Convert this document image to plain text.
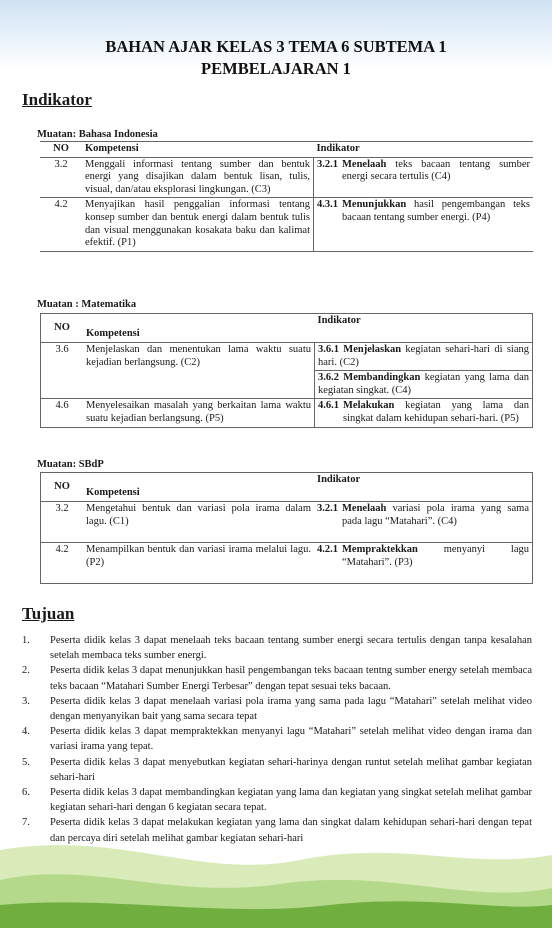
BAHAN AJAR KELAS 3 TEMA 6 SUBTEMA 1
PEMBELAJARAN 1
Indikator
Muatan: Bahasa Indonesia
NO	Kompetensi	Indikator
3.2	Menggali informasi tentang sumber dan bentuk energi yang disajikan dalam bentuk lisan, tulis, visual, dan/atau eksplorasi lingkungan. (C3)	3.2.1 Menelaah teks bacaan tentang sumber energi secara tertulis (C4)

4.2	Menyajikan hasil penggalian informasi tentang konsep sumber dan bentuk energi dalam bentuk tulis dan visual menggunakan kosakata baku dan kalimat efektif. (P1)	4.3.1 Menunjukkan hasil pengembangan teks bacaan tentang sumber energi. (P4)
Muatan : Matematika
NO	Kompetensi	Indikator
3.6	Menjelaskan dan menentukan lama waktu suatu kejadian berlangsung. (C2)	3.6.1 Menjelaskan kegiatan sehari-hari di siang hari. (C2)
3.6.2 Membandingkan kegiatan yang lama dan kegiatan singkat. (C4)

4.6	Menyelesaikan masalah yang berkaitan lama waktu suatu kejadian berlangsung. (P5)	4.6.1 Melakukan kegiatan yang lama dan singkat dalam kehidupan sehari-hari. (P5)
Muatan: SBdP
NO	Kompetensi	Indikator
3.2	Mengetahui bentuk dan variasi pola irama dalam lagu. (C1)	3.2.1 Menelaah variasi pola irama yang sama pada lagu “Matahari”. (C4)

4.2	Menampilkan bentuk dan variasi irama melalui lagu. (P2)	4.2.1 Mempraktekkan menyanyi lagu “Matahari”. (P3)
Tujuan
1.	Peserta didik kelas 3 dapat menelaah teks bacaan tentang sumber energi secara tertulis dengan tanpa kesalahan setelah membaca teks sumber energi.
2.	Peserta didik kelas 3 dapat menunjukkan hasil pengembangan teks bacaan tentng sumber energy setelah membaca teks bacaan “Matahari Sumber Energi Terbesar” dengan tepat sesuai teks bacaan.
3.	Peserta didik kelas 3 dapat menelaah variasi pola irama yang sama pada lagu “Matahari” setelah melihat video dengan menyanyikan bait yang sama secara tepat
4.	Peserta didik kelas 3 dapat mempraktekkan menyanyi lagu “Matahari” setelah melihat video dengan irama dan variasi irama yang tepat.
5.	Peserta didik kelas 3 dapat menyebutkan kegiatan sehari-harinya dengan runtut setelah melihat gambar kegiatan sehari-hari
6.	Peserta didik kelas 3 dapat membandingkan kegiatan yang lama dan kegiatan yang singkat setelah melihat gambar kegiatan sehari-hari dengan 6 kegiatan secara tepat.
7.	Peserta didik kelas 3 dapat melakukan kegiatan yang lama dan singkat dalam kehidupan sehari-hari dengan tepat dan percaya diri setelah melihat gambar kegiatan sehari-hari
